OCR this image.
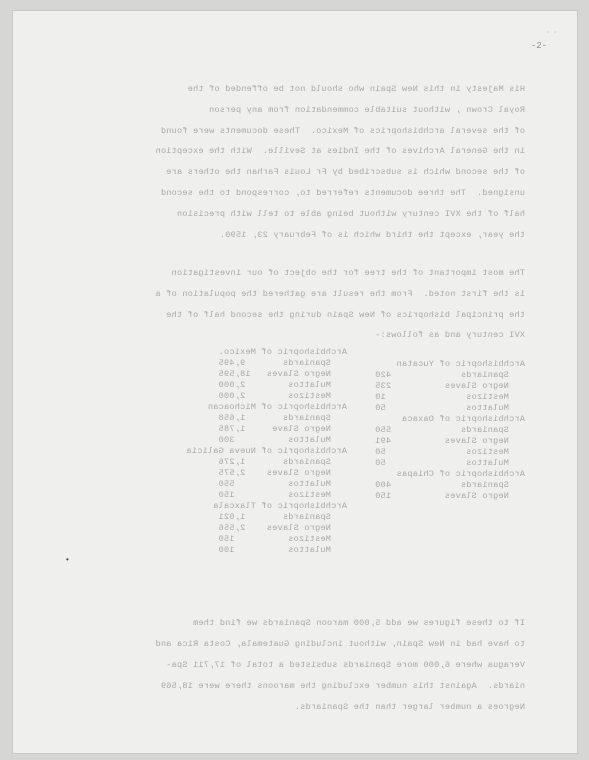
-2-
· ·
•
His Majesty in this New Spain who should not be offended of the
Royal Crown , without suitable commendation from any person
of the several archbishoprics of Mexico.  These documents were found
in the General Archives of the Indies at Seville.  With the exception
of the second which is subscribed by Fr Louis Farhan the others are
unsigned.  The three documents referred to, correspond to the second
half of the XVI century without being able to tell with precision
the year, except the third which is of February 23, 1590.
The most important of the tree for the object of our investigation
is the first noted.  From the result are gathered the population of a
the principal bishoprics of New Spain during the second half of the
XVI century and as follows:-
Archbishopric of Mexico.
Spaniards       9,495
Negro Slaves   18,595
Mulattos        2,000
Mestizos        2,000
Archbishopric of Michoacan
Spaniards       1,658
Negro Slave     1,785
Mulattos          300
Archbishopric of Nueva Galicia
Spaniards       1,276
Negro Slaves    2,575
Mulattos          550
Mestizos          150
Archbishopric of Tlaxcala
Spaniards       1,021
Negro Slaves    2,556
Mestizos          150
Mulattos          100
Archbishopric of Yucatan
Spaniards             420
Negro Slaves          235
Mestizos               10
Mulattos               50
Archbishopric of Oaxaca
Spaniards             550
Negro Slaves          491
Mestizos               50
Mulattos               50
Archbishopric of Chiapas
Spaniards             400
Negro Slaves          150
If to these figures we add 5,000 maroon Spaniards we find them
to have had in New Spain, without including Guatemala, Costa Rica and
Veragua where 6,000 more Spaniards subsisted a total of 17,711 Spa-
niards.  Against this number excluding the maroons there were 18,569
Negroes a number larger than the Spaniards.
